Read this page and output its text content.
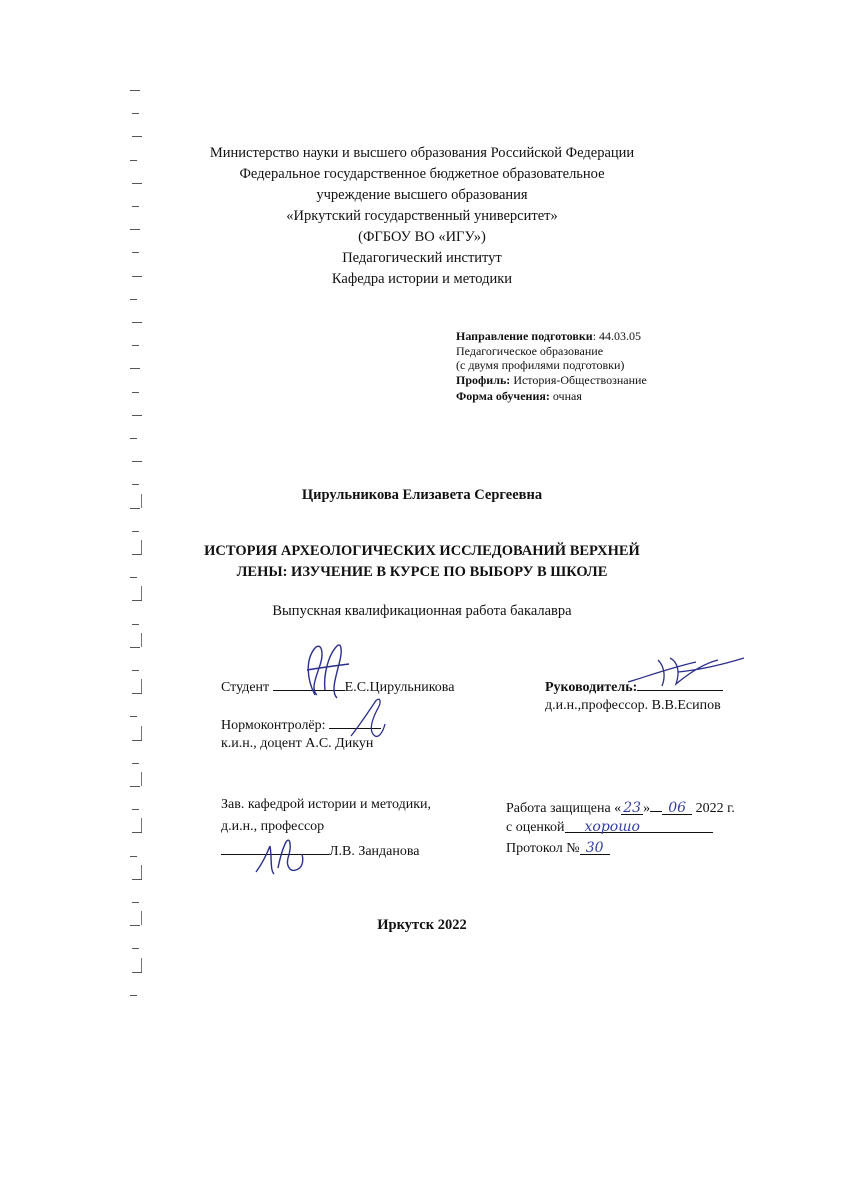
Министерство науки и высшего образования Российской Федерации
Федеральное государственное бюджетное образовательное
учреждение высшего образования
«Иркутский государственный университет»
(ФГБОУ ВО «ИГУ»)
Педагогический институт
Кафедра истории и методики
Направление подготовки: 44.03.05
Педагогическое образование
(с двумя профилями подготовки)
Профиль: История-Обществознание
Форма обучения: очная
Цирульникова Елизавета Сергеевна
ИСТОРИЯ АРХЕОЛОГИЧЕСКИХ ИССЛЕДОВАНИЙ ВЕРХНЕЙ
ЛЕНЫ: ИЗУЧЕНИЕ В КУРСЕ ПО ВЫБОРУ В ШКОЛЕ
Выпускная квалификационная работа бакалавра
Студент	Е.С.Цирульникова	Руководитель:
д.и.н.,профессор. В.В.Есипов
Нормоконтролёр:
к.и.н., доцент А.С. Дикун
Зав. кафедрой истории и методики,
д.и.н., профессор
Л.В. Занданова
Работа защищена « 23 » 06 2022 г.
с оценкой хорошо
Протокол № 30
Иркутск 2022
